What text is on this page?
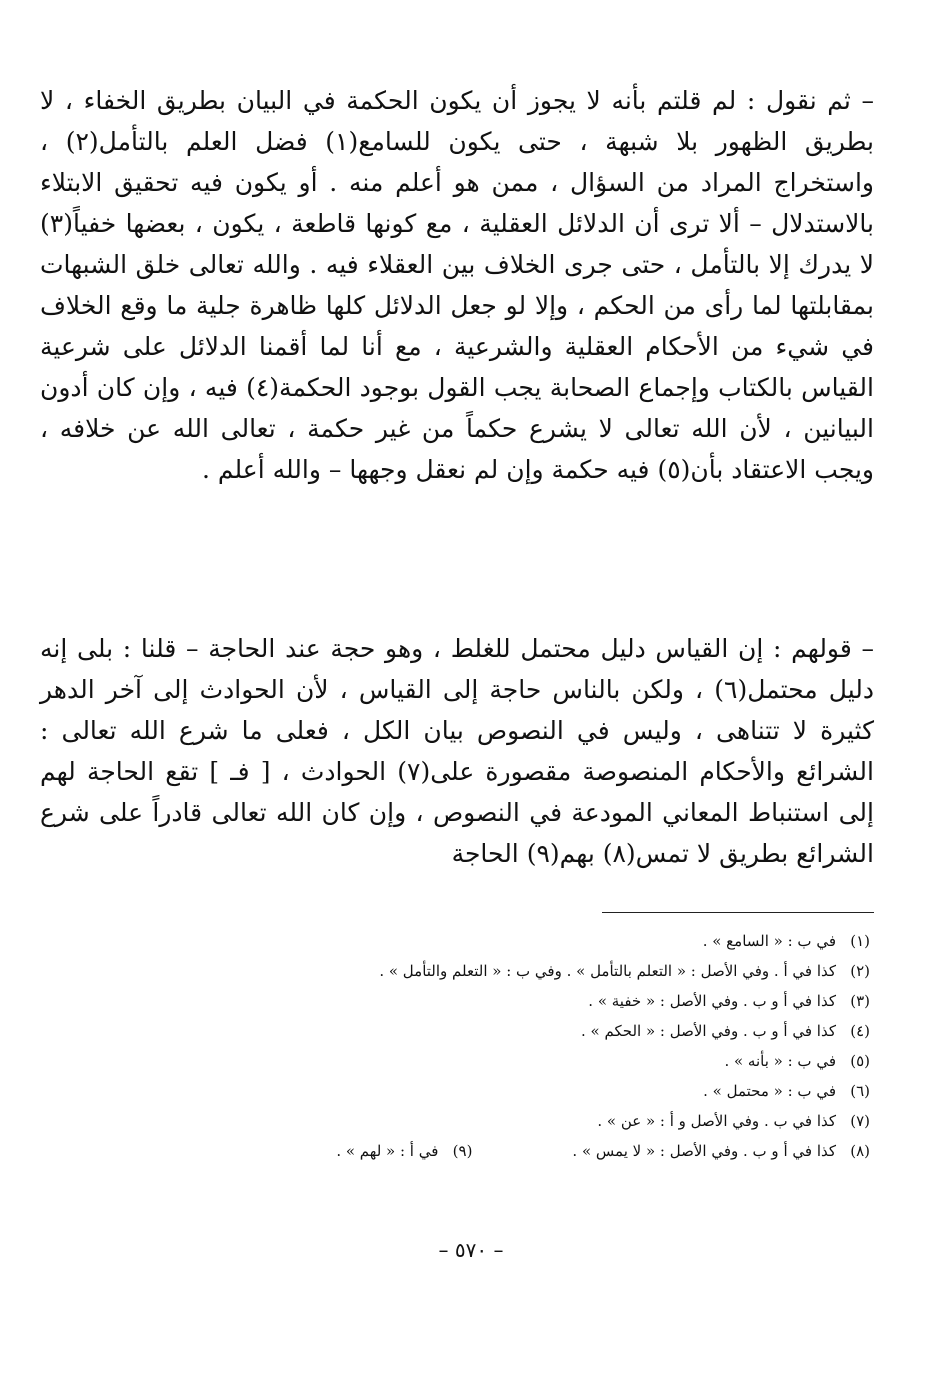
– ثم نقول : لم قلتم بأنه لا يجوز أن يكون الحكمة في البيان بطريق الخفاء ، لا بطريق الظهور بلا شبهة ، حتى يكون للسامع(١) فضل العلم بالتأمل(٢) ، واستخراج المراد من السؤال ، ممن هو أعلم منه . أو يكون فيه تحقيق الابتلاء بالاستدلال – ألا ترى أن الدلائل العقلية ، مع كونها قاطعة ، يكون ، بعضها خفياً(٣) لا يدرك إلا بالتأمل ، حتى جرى الخلاف بين العقلاء فيه . والله تعالى خلق الشبهات بمقابلتها لما رأى من الحكم ، وإلا لو جعل الدلائل كلها ظاهرة جلية ما وقع الخلاف في شيء من الأحكام العقلية والشرعية ، مع أنا لما أقمنا الدلائل على شرعية القياس بالكتاب وإجماع الصحابة يجب القول بوجود الحكمة(٤) فيه ، وإن كان أدون البيانين ، لأن الله تعالى لا يشرع حكماً من غير حكمة ، تعالى الله عن خلافه ، ويجب الاعتقاد بأن(٥) فيه حكمة وإن لم نعقل وجهها – والله أعلم .

– قولهم : إن القياس دليل محتمل للغلط ، وهو حجة عند الحاجة – قلنا : بلى إنه دليل محتمل(٦) ، ولكن بالناس حاجة إلى القياس ، لأن الحوادث إلى آخر الدهر كثيرة لا تتناهى ، وليس في النصوص بيان الكل ، فعلى ما شرع الله تعالى : الشرائع والأحكام المنصوصة مقصورة على(٧) الحوادث ، [ فـ ] تقع الحاجة لهم إلى استنباط المعاني المودعة في النصوص ، وإن كان الله تعالى قادراً على شرع الشرائع بطريق لا تمس(٨) بهم(٩) الحاجة

(١)في ب : « السامع » .
(٢)كذا في أ . وفي الأصل : « التعلم بالتأمل » . وفي ب : « التعلم والتأمل » .
(٣)كذا في أ و ب . وفي الأصل : « خفية » .
(٤)كذا في أ و ب . وفي الأصل : « الحكم » .
(٥)في ب : « بأنه » .
(٦)في ب : « محتمل » .
(٧)كذا في ب . وفي الأصل و أ : « عن » .
(٨)كذا في أ و ب . وفي الأصل : « لا يمس » .
(٩)في أ : « لهم » .
– ٥٧٠ –
